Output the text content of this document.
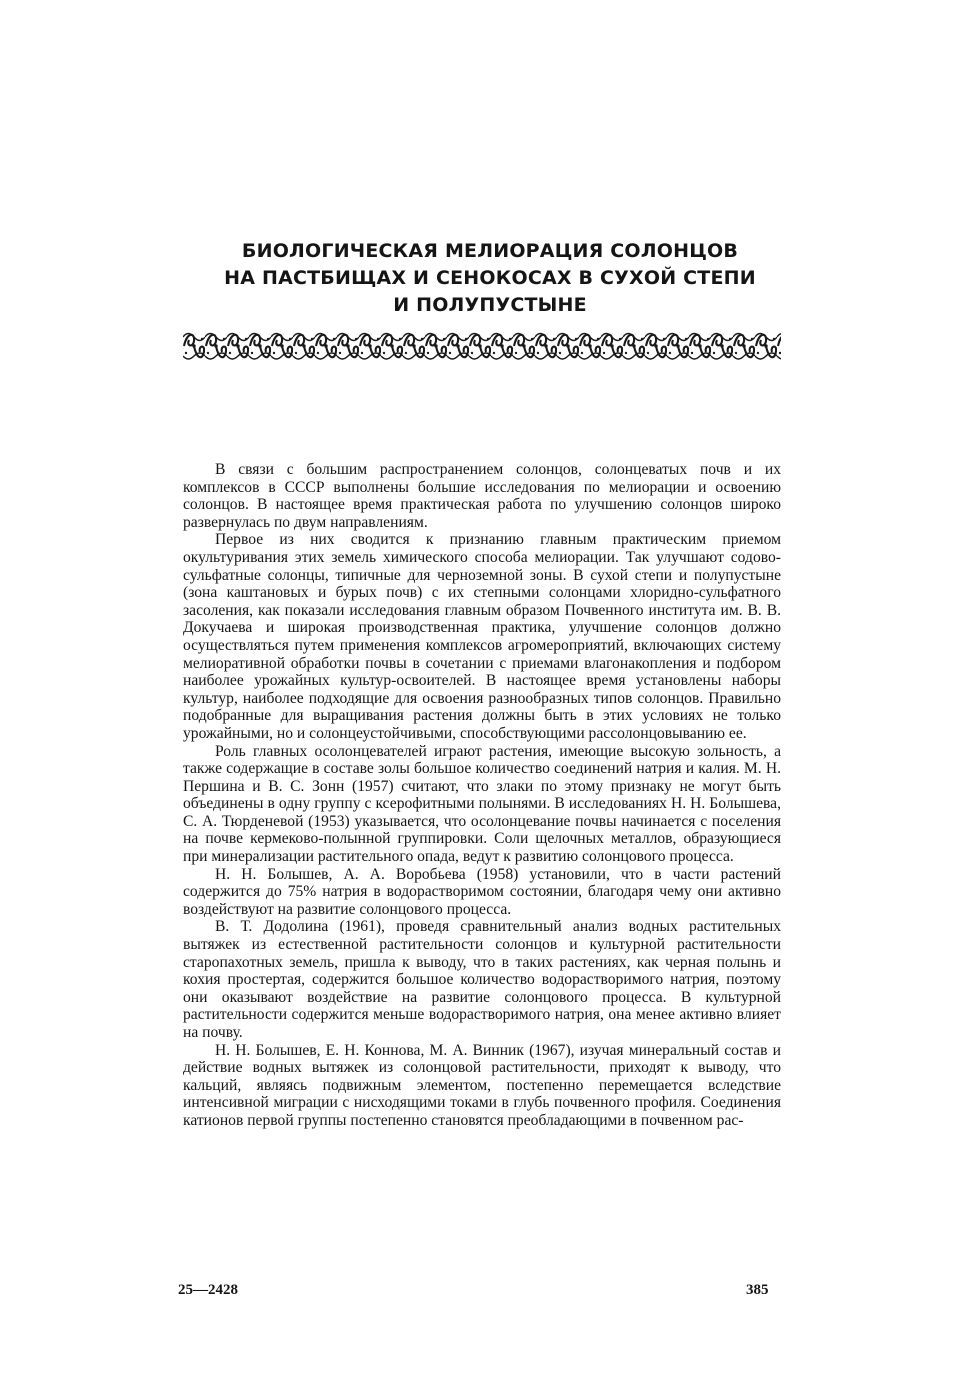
БИОЛОГИЧЕСКАЯ МЕЛИОРАЦИЯ СОЛОНЦОВ
НА ПАСТБИЩАХ И СЕНОКОСАХ В СУХОЙ СТЕПИ
И ПОЛУПУСТЫНЕ

В связи с большим распространением солонцов, солонцеватых почв и их комплексов в СССР выполнены большие исследования по мелиорации и освоению солонцов. В настоящее время практическая работа по улучшению солонцов широко развернулась по двум направлениям.

Первое из них сводится к признанию главным практическим приемом окультуривания этих земель химического способа мелиорации. Так улучшают содово-сульфатные солонцы, типичные для черноземной зоны. В сухой степи и полупустыне (зона каштановых и бурых почв) с их степными солонцами хлоридно-сульфатного засоления, как показали исследования главным образом Почвенного института им. В. В. Докучаева и широкая производственная практика, улучшение солонцов должно осуществляться путем применения комплексов агромероприятий, включающих систему мелиоративной обработки почвы в сочетании с приемами влагонакопления и подбором наиболее урожайных культур-освоителей. В настоящее время установлены наборы культур, наиболее подходящие для освоения разнообразных типов солонцов. Правильно подобранные для выращивания растения должны быть в этих условиях не только урожайными, но и солонцеустойчивыми, способствующими рассолонцовыванию ее.

Роль главных осолонцевателей играют растения, имеющие высокую зольность, а также содержащие в составе золы большое количество соединений натрия и калия. М. Н. Першина и В. С. Зонн (1957) считают, что злаки по этому признаку не могут быть объединены в одну группу с ксерофитными полынями. В исследованиях Н. Н. Болышева, С. А. Тюрденевой (1953) указывается, что осолонцевание почвы начинается с поселения на почве кермеково-полынной группировки. Соли щелочных металлов, образующиеся при минерализации растительного опада, ведут к развитию солонцового процесса.

Н. Н. Болышев, А. А. Воробьева (1958) установили, что в части растений содержится до 75% натрия в водорастворимом состоянии, благодаря чему они активно воздействуют на развитие солонцового процесса.

В. Т. Додолина (1961), проведя сравнительный анализ водных растительных вытяжек из естественной растительности солонцов и культурной растительности старопахотных земель, пришла к выводу, что в таких растениях, как черная полынь и кохия простертая, содержится большое количество водорастворимого натрия, поэтому они оказывают воздействие на развитие солонцового процесса. В культурной растительности содержится меньше водорастворимого натрия, она менее активно влияет на почву.

Н. Н. Болышев, Е. Н. Коннова, М. А. Винник (1967), изучая минеральный состав и действие водных вытяжек из солонцовой растительности, приходят к выводу, что кальций, являясь подвижным элементом, постепенно перемещается вследствие интенсивной миграции с нисходящими токами в глубь почвенного профиля. Соединения катионов первой группы постепенно становятся преобладающими в почвенном рас-

25—2428	385
